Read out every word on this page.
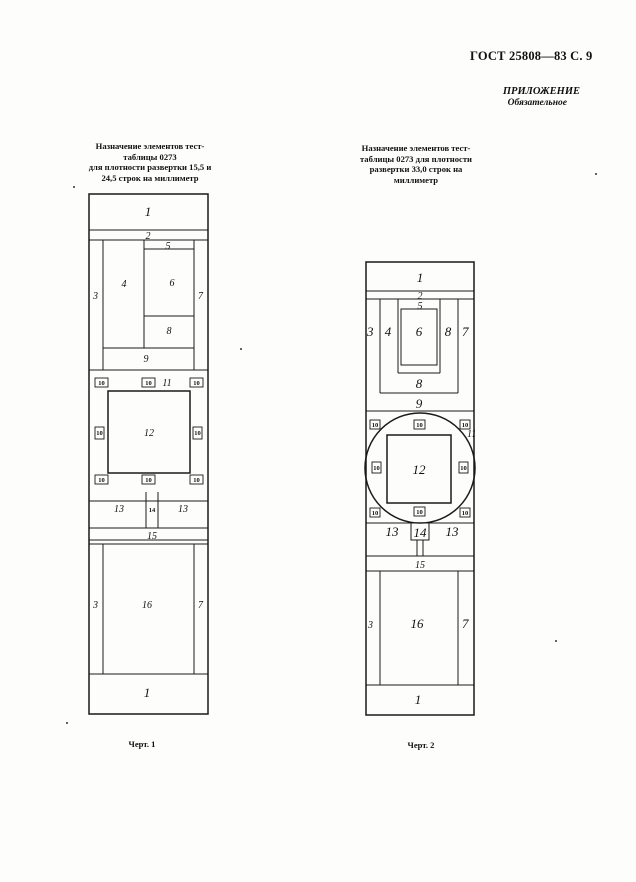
ГОСТ 25808—83 С. 9
ПРИЛОЖЕНИЕ
Обязательное
Назначение элементов тест-
таблицы 0273
для плотности развертки 15,5 и
24,5 строк на миллиметр
Назначение элементов тест-
таблицы 0273 для плотности
развертки 33,0 строк на
миллиметр
1
2
5
3
4	6
7
8
9
10	10	10
10	10
10	10	10
11
12
13	14 13
15
3	16	7
1
1
2
5
3 4 6 8 7
8
9
10	10	10
10	10
10	10	10
11
12
13 14 13
15
3	16	7
1
Черт. 1	Черт. 2
